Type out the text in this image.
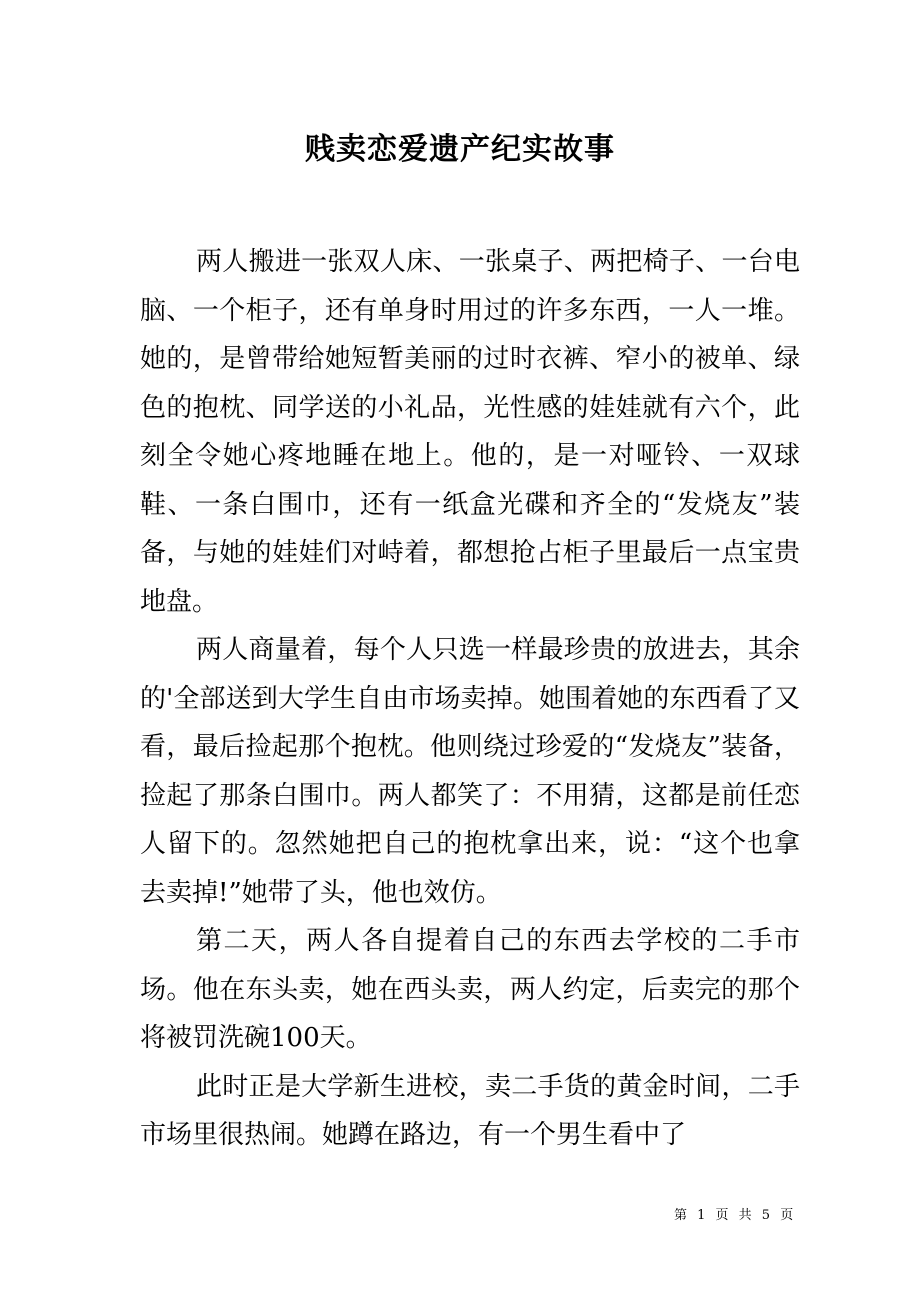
贱卖恋爱遗产纪实故事

两人搬进一张双人床、一张桌子、两把椅子、一台电脑、一个柜子，还有单身时用过的许多东西，一人一堆。她的，是曾带给她短暂美丽的过时衣裤、窄小的被单、绿色的抱枕、同学送的小礼品，光性感的娃娃就有六个，此刻全令她心疼地睡在地上。他的，是一对哑铃、一双球鞋、一条白围巾，还有一纸盒光碟和齐全的“发烧友”装备，与她的娃娃们对峙着，都想抢占柜子里最后一点宝贵地盘。

两人商量着，每个人只选一样最珍贵的放进去，其余的'全部送到大学生自由市场卖掉。她围着她的东西看了又看，最后捡起那个抱枕。他则绕过珍爱的“发烧友”装备，捡起了那条白围巾。两人都笑了：不用猜，这都是前任恋人留下的。忽然她把自己的抱枕拿出来，说：“这个也拿去卖掉!”她带了头，他也效仿。

第二天，两人各自提着自己的东西去学校的二手市场。他在东头卖，她在西头卖，两人约定，后卖完的那个将被罚洗碗100天。

此时正是大学新生进校，卖二手货的黄金时间，二手市场里很热闹。她蹲在路边，有一个男生看中了

第 1 页 共 5 页
